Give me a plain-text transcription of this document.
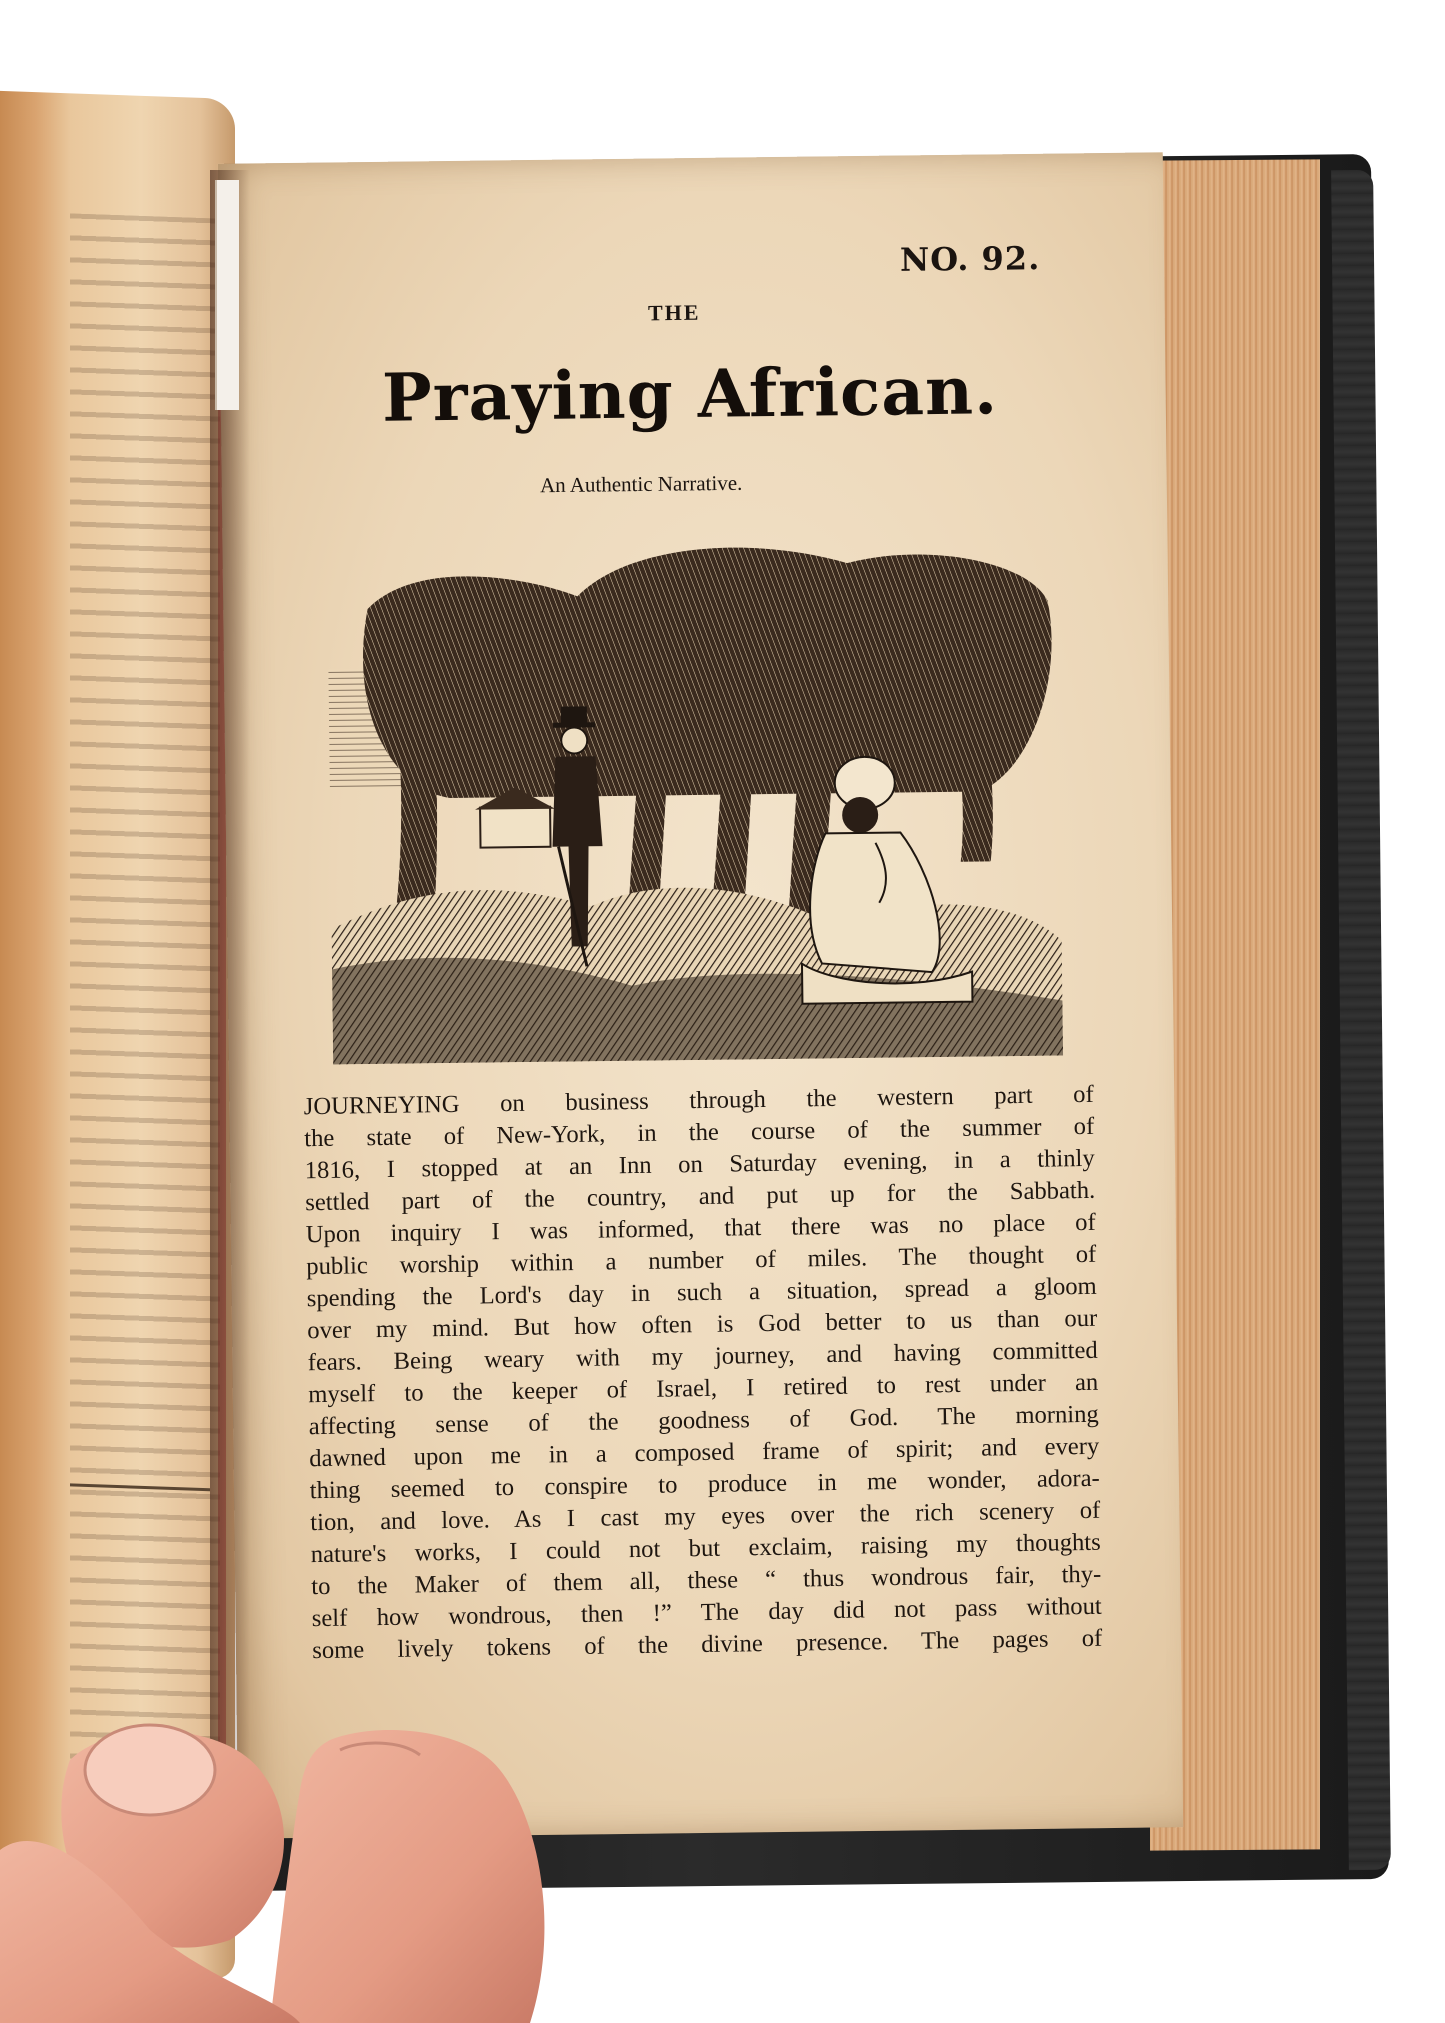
NO. 92.
THE
Praying African.
An Authentic Narrative.
JOURNEYING on business through the western part of
the state of New-York, in the course of the summer of
1816, I stopped at an Inn on Saturday evening, in a thinly
settled part of the country, and put up for the Sabbath.
Upon inquiry I was informed, that there was no place of
public worship within a number of miles. The thought of
spending the Lord's day in such a situation, spread a gloom
over my mind. But how often is God better to us than our
fears. Being weary with my journey, and having committed
myself to the keeper of Israel, I retired to rest under an
affecting sense of the goodness of God. The morning
dawned upon me in a composed frame of spirit; and every
thing seemed to conspire to produce in me wonder, adora-
tion, and love. As I cast my eyes over the rich scenery of
nature's works, I could not but exclaim, raising my thoughts
to the Maker of them all, these “ thus wondrous fair, thy-
self how wondrous, then !” The day did not pass without
some lively tokens of the divine presence. The pages of
